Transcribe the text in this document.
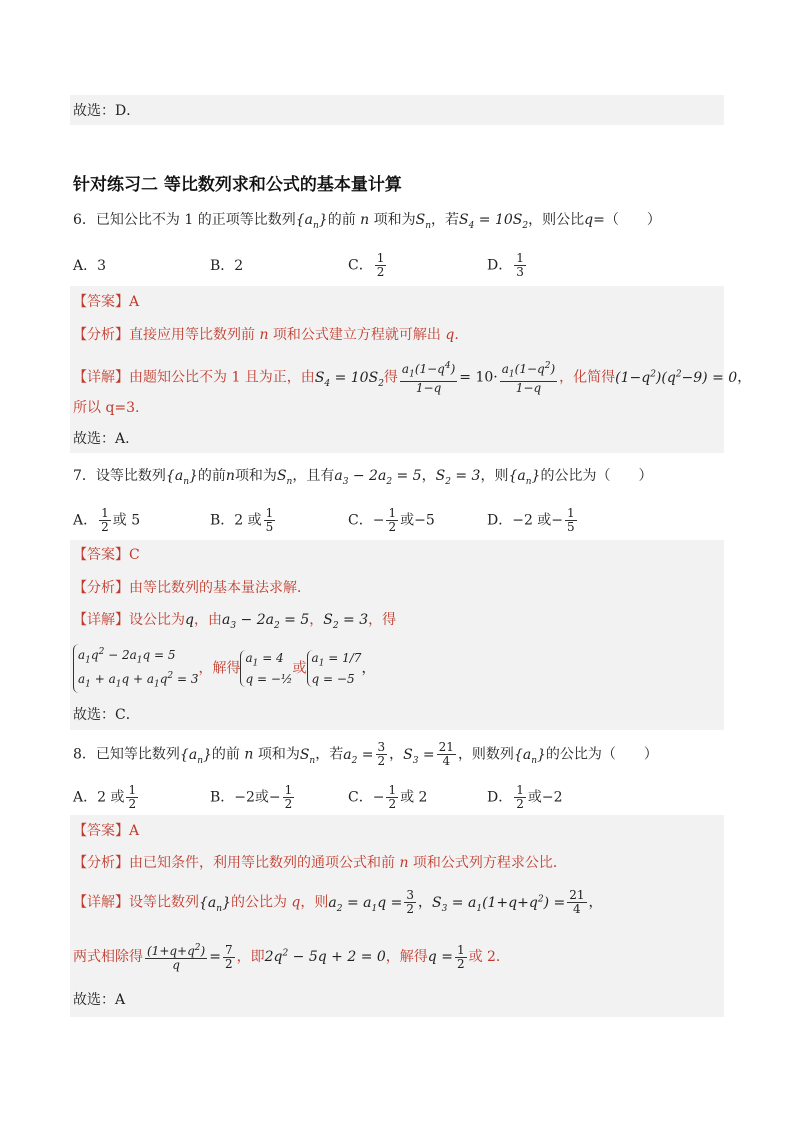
故选：D．
针对练习二 等比数列求和公式的基本量计算
6．已知公比不为 1 的正项等比数列$\{a_n\}$的前 n 项和为$S_n$，若$S_4 = 10S_2$，则公比q=（　　）
A．3	B．2	C． $\frac{1}{2}$	D． $\frac{1}{3}$
【答案】A
【分析】直接应用等比数列前 n 项和公式建立方程就可解出 q.
【详解】由题知公比不为 1 且为正，由$S_4 = 10S_2$得 $\frac{a_1(1-q^4)}{1-q} = 10\cdot \frac{a_1(1-q^2)}{1-q}$ ，化简得$(1-q^2)(q^2-9) = 0$，
所以 q=3.
故选：A.
7．设等比数列$\{a_n\}$的前n项和为$S_n$，且有$a_3 - 2a_2 = 5$，$S_2 = 3$，则$\{a_n\}$的公比为（　　）
A． $\frac{1}{2}$ 或 5	B．2 或 $\frac{1}{5}$	C．− $\frac{1}{2}$ 或−5	D．−2 或− $\frac{1}{5}$
【答案】C
【分析】由等比数列的基本量法求解．
【详解】设公比为q，由$a_3 - 2a_2 = 5$，$S_2 = 3$，得
$a_1q^2 - 2a_1q = 5$
$a_1 + a_1q + a_1q^2 = 3$，解得$a_1 = 4$
q = −½或$a_1 = 1/7$
q = −5，
故选：C．
8．已知等比数列$\{a_n\}$的前 n 项和为$S_n$，若$a_2 = \frac{3}{2}$ ，$S_3 = \frac{21}{4}$ ，则数列$\{a_n\}$的公比为（　　）
A．2 或 $\frac{1}{2}$	B．−2或− $\frac{1}{2}$	C．− $\frac{1}{2}$ 或 2	D． $\frac{1}{2}$ 或−2
【答案】A
【分析】由已知条件，利用等比数列的通项公式和前 n 项和公式列方程求公比．
【详解】设等比数列$\{a_n\}$的公比为 q，则$a_2 = a_1q = \frac{3}{2}$ ，$S_3 = a_1(1+q+q^2) = \frac{21}{4}$ ，
两式相除得 $\frac{(1+q+q^2)}{q} = \frac{7}{2}$ ，即$2q^2 - 5q + 2 = 0$，解得$q = \frac{1}{2}$ 或 2.
故选：A
